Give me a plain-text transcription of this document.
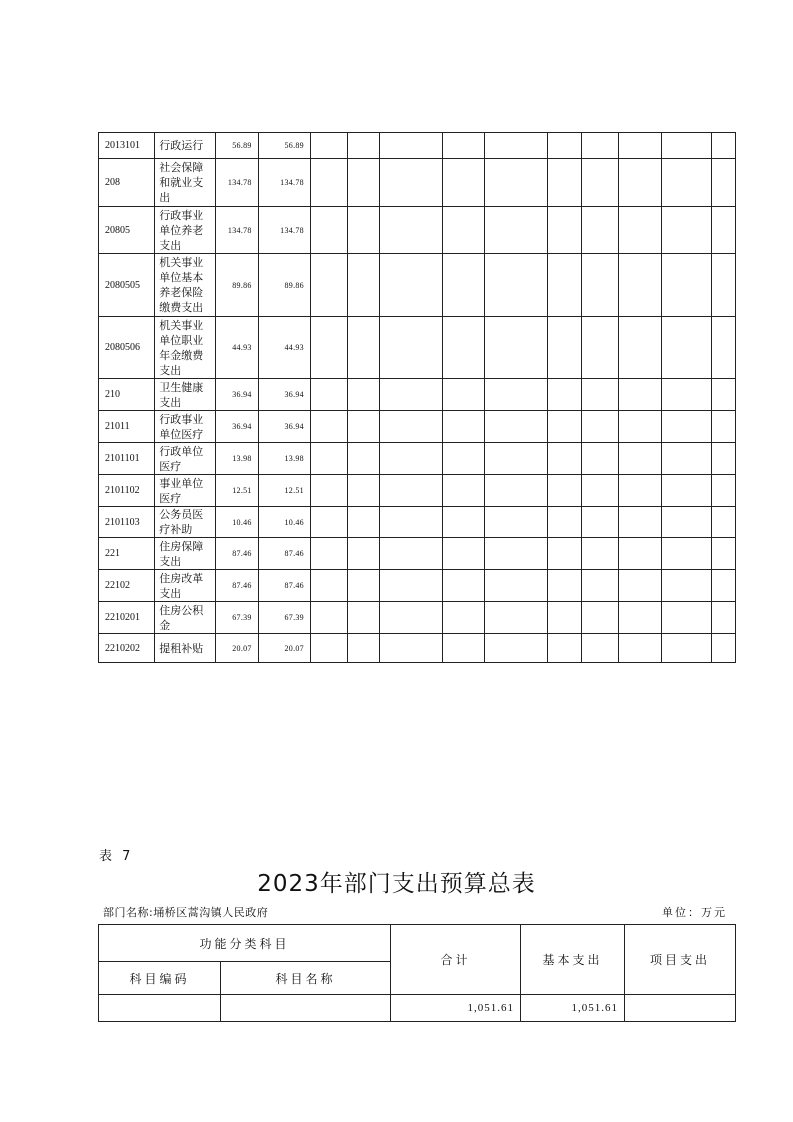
2013101	行政运行	56.89	56.89										
208	社会保障和就业支出	134.78	134.78										
20805	行政事业单位养老支出	134.78	134.78										
2080505	机关事业单位基本养老保险缴费支出	89.86	89.86										
2080506	机关事业单位职业年金缴费支出	44.93	44.93										
210	卫生健康支出	36.94	36.94										
21011	行政事业单位医疗	36.94	36.94										
2101101	行政单位医疗	13.98	13.98										
2101102	事业单位医疗	12.51	12.51										
2101103	公务员医疗补助	10.46	10.46										
221	住房保障支出	87.46	87.46										
22102	住房改革支出	87.46	87.46										
2210201	住房公积金	67.39	67.39										
2210202	提租补贴	20.07	20.07										
表 7
2023年部门支出预算总表
部门名称:埇桥区蒿沟镇人民政府	单位：万元
功能分类科目		合计	基本支出	项目支出
科目编码	科目名称			
		1,051.61	1,051.61	
